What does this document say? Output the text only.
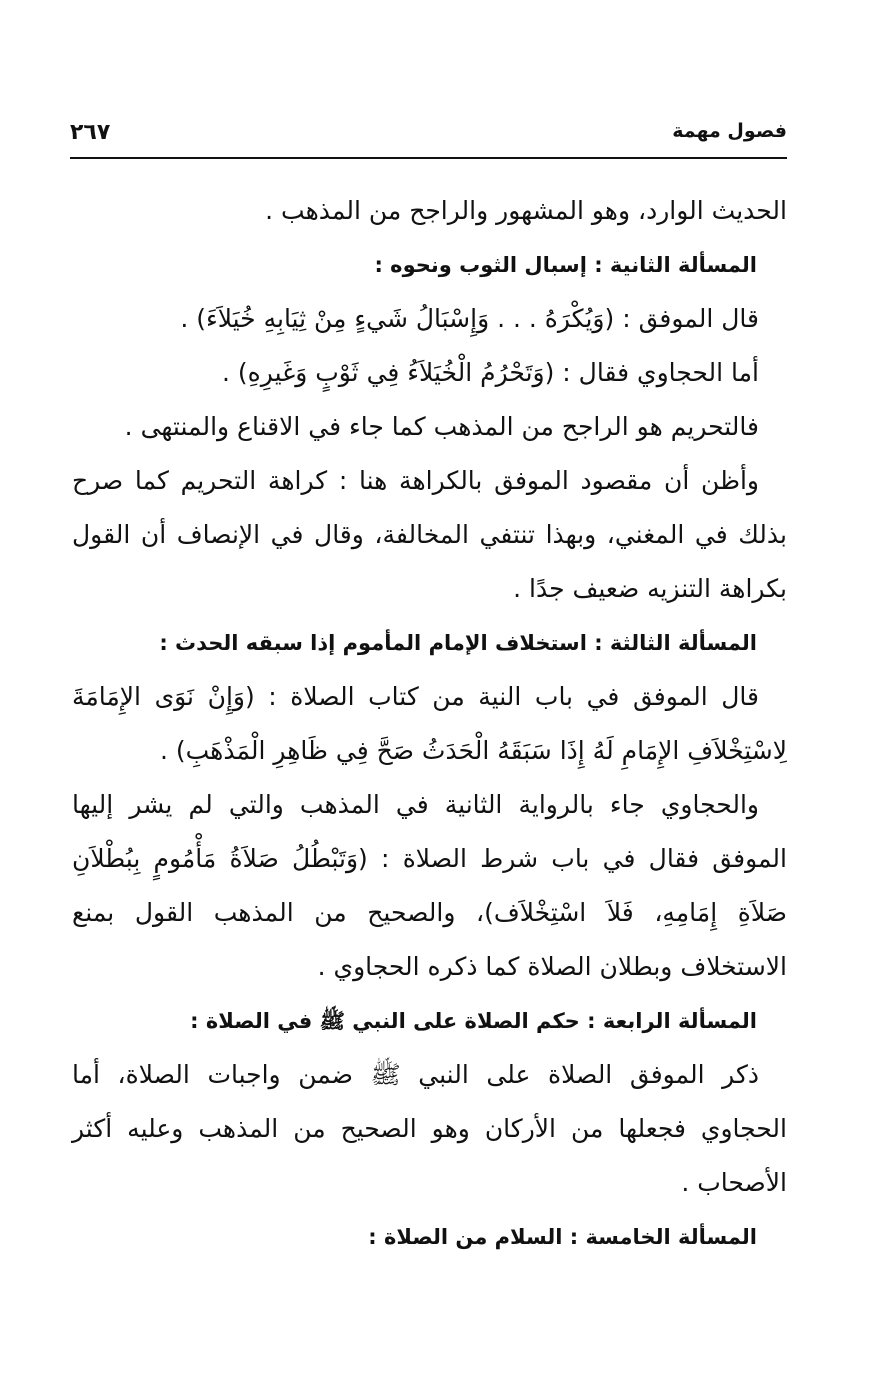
٢٦٧	فصول مهمة

الحديث الوارد، وهو المشهور والراجح من المذهب .

المسألة الثانية : إسبال الثوب ونحوه :

قال الموفق : (وَيُكْرَهُ . . . وَإِسْبَالُ شَيءٍ مِنْ ثِيَابِهِ خُيَلاَءَ) .

أما الحجاوي فقال : (وَتَحْرُمُ الْخُيَلاَءُ فِي ثَوْبٍ وَغَيرِهِ) .

فالتحريم هو الراجح من المذهب كما جاء في الاقناع والمنتهى .

وأظن أن مقصود الموفق بالكراهة هنا : كراهة التحريم كما صرح بذلك في المغني، وبهذا تنتفي المخالفة، وقال في الإنصاف أن القول بكراهة التنزيه ضعيف جدًا .

المسألة الثالثة : استخلاف الإمام المأموم إذا سبقه الحدث :

قال الموفق في باب النية من كتاب الصلاة : (وَإِنْ نَوَى الإِمَامَةَ لِاسْتِخْلاَفِ الإِمَامِ لَهُ إِذَا سَبَقَهُ الْحَدَثُ صَحَّ فِي ظَاهِرِ الْمَذْهَبِ) .

والحجاوي جاء بالرواية الثانية في المذهب والتي لم يشر إليها الموفق فقال في باب شرط الصلاة : (وَتَبْطُلُ صَلاَةُ مَأْمُومٍ بِبُطْلاَنِ صَلاَةِ إِمَامِهِ، فَلاَ اسْتِخْلاَف)، والصحيح من المذهب القول بمنع الاستخلاف وبطلان الصلاة كما ذكره الحجاوي .

المسألة الرابعة : حكم الصلاة على النبي ﷺ في الصلاة :

ذكر الموفق الصلاة على النبي ﷺ ضمن واجبات الصلاة، أما الحجاوي فجعلها من الأركان وهو الصحيح من المذهب وعليه أكثر الأصحاب .

المسألة الخامسة : السلام من الصلاة :
